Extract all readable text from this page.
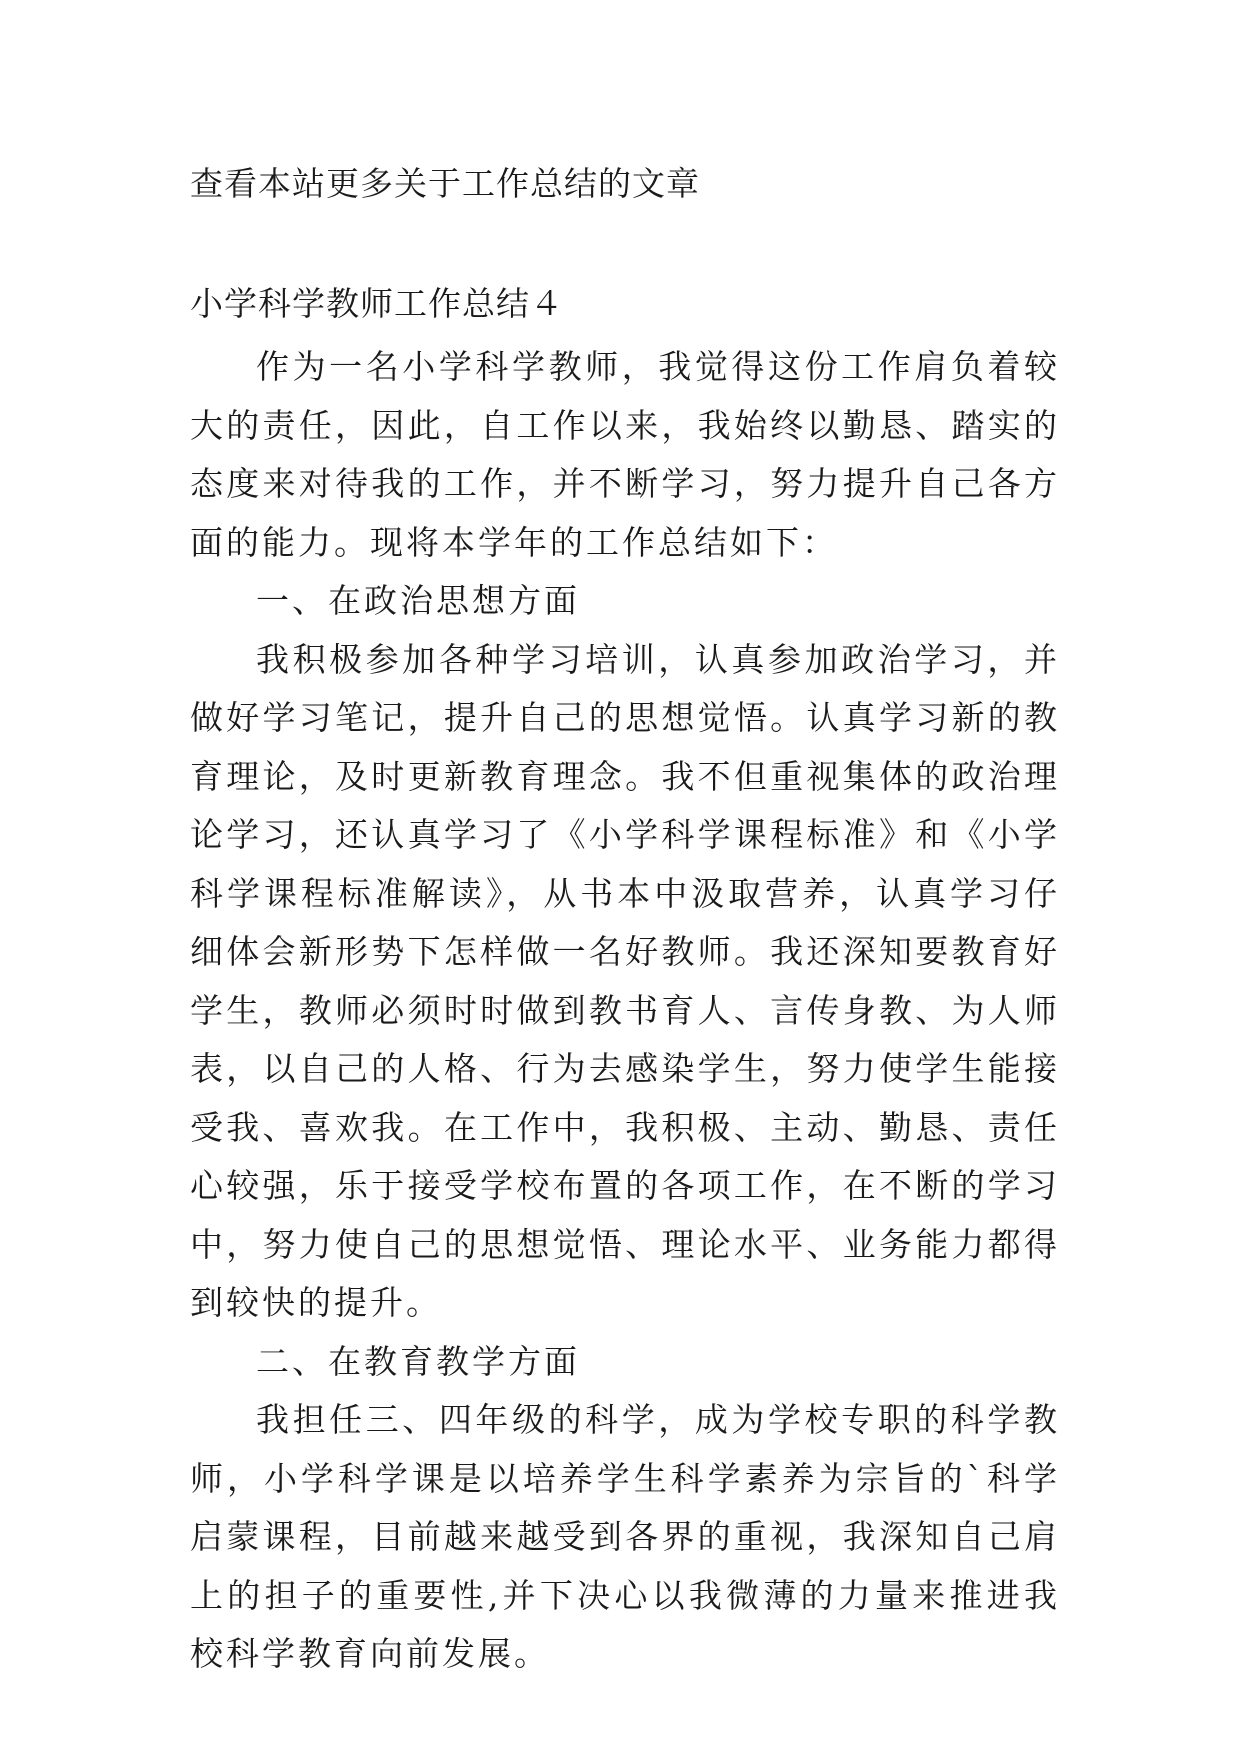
查看本站更多关于工作总结的文章
小学科学教师工作总结４

作为一名小学科学教师，我觉得这份工作肩负着较大的责任，因此，自工作以来，我始终以勤恳、踏实的态度来对待我的工作，并不断学习，努力提升自己各方面的能力。现将本学年的工作总结如下：

一、在政治思想方面

我积极参加各种学习培训，认真参加政治学习，并做好学习笔记，提升自己的思想觉悟。认真学习新的教育理论，及时更新教育理念。我不但重视集体的政治理论学习，还认真学习了《小学科学课程标准》和《小学科学课程标准解读》，从书本中汲取营养，认真学习仔细体会新形势下怎样做一名好教师。我还深知要教育好学生，教师必须时时做到教书育人、言传身教、为人师表，以自己的人格、行为去感染学生，努力使学生能接受我、喜欢我。在工作中，我积极、主动、勤恳、责任心较强，乐于接受学校布置的各项工作，在不断的学习中，努力使自己的思想觉悟、理论水平、业务能力都得到较快的提升。

二、在教育教学方面

我担任三、四年级的科学，成为学校专职的科学教师，小学科学课是以培养学生科学素养为宗旨的`科学启蒙课程，目前越来越受到各界的重视，我深知自己肩上的担子的重要性,并下决心以我微薄的力量来推进我校科学教育向前发展。
